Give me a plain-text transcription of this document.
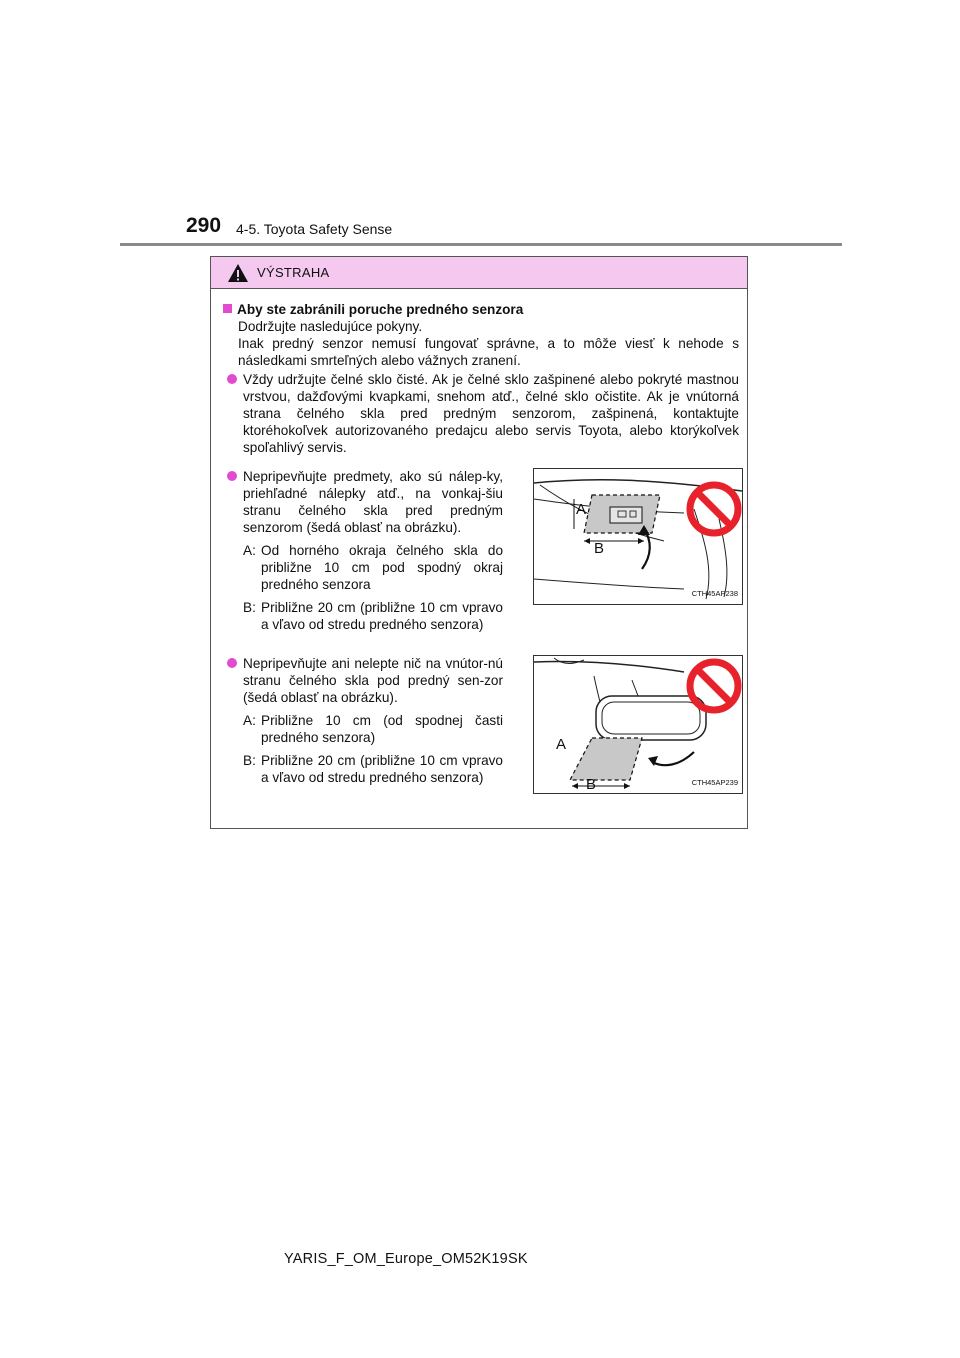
290 4-5. Toyota Safety Sense
VÝSTRAHA
Aby ste zabránili poruche predného senzora
Dodržujte nasledujúce pokyny.
Inak predný senzor nemusí fungovať správne, a to môže viesť k nehode s následkami smrteľných alebo vážnych zranení.
Vždy udržujte čelné sklo čisté. Ak je čelné sklo zašpinené alebo pokryté mastnou vrstvou, dažďovými kvapkami, snehom atď., čelné sklo očistite. Ak je vnútorná strana čelného skla pred predným senzorom, zašpinená, kontaktujte ktoréhokoľvek autorizovaného predajcu alebo servis Toyota, alebo ktorýkoľvek spoľahlivý servis.
Nepripevňujte predmety, ako sú nálep-ky, priehľadné nálepky atď., na vonkaj-šiu stranu čelného skla pred predným senzorom (šedá oblasť na obrázku).
A: Od horného okraja čelného skla do približne 10 cm pod spodný okraj predného senzora
B: Približne 20 cm (približne 10 cm vpravo a vľavo od stredu predného senzora)
A
B
CTH45AP238
Nepripevňujte ani nelepte nič na vnútor-nú stranu čelného skla pod predný sen-zor (šedá oblasť na obrázku).
A: Približne 10 cm (od spodnej časti predného senzora)
B: Približne 20 cm (približne 10 cm vpravo a vľavo od stredu predného senzora)
A
B	CTH45AP239
YARIS_F_OM_Europe_OM52K19SK
